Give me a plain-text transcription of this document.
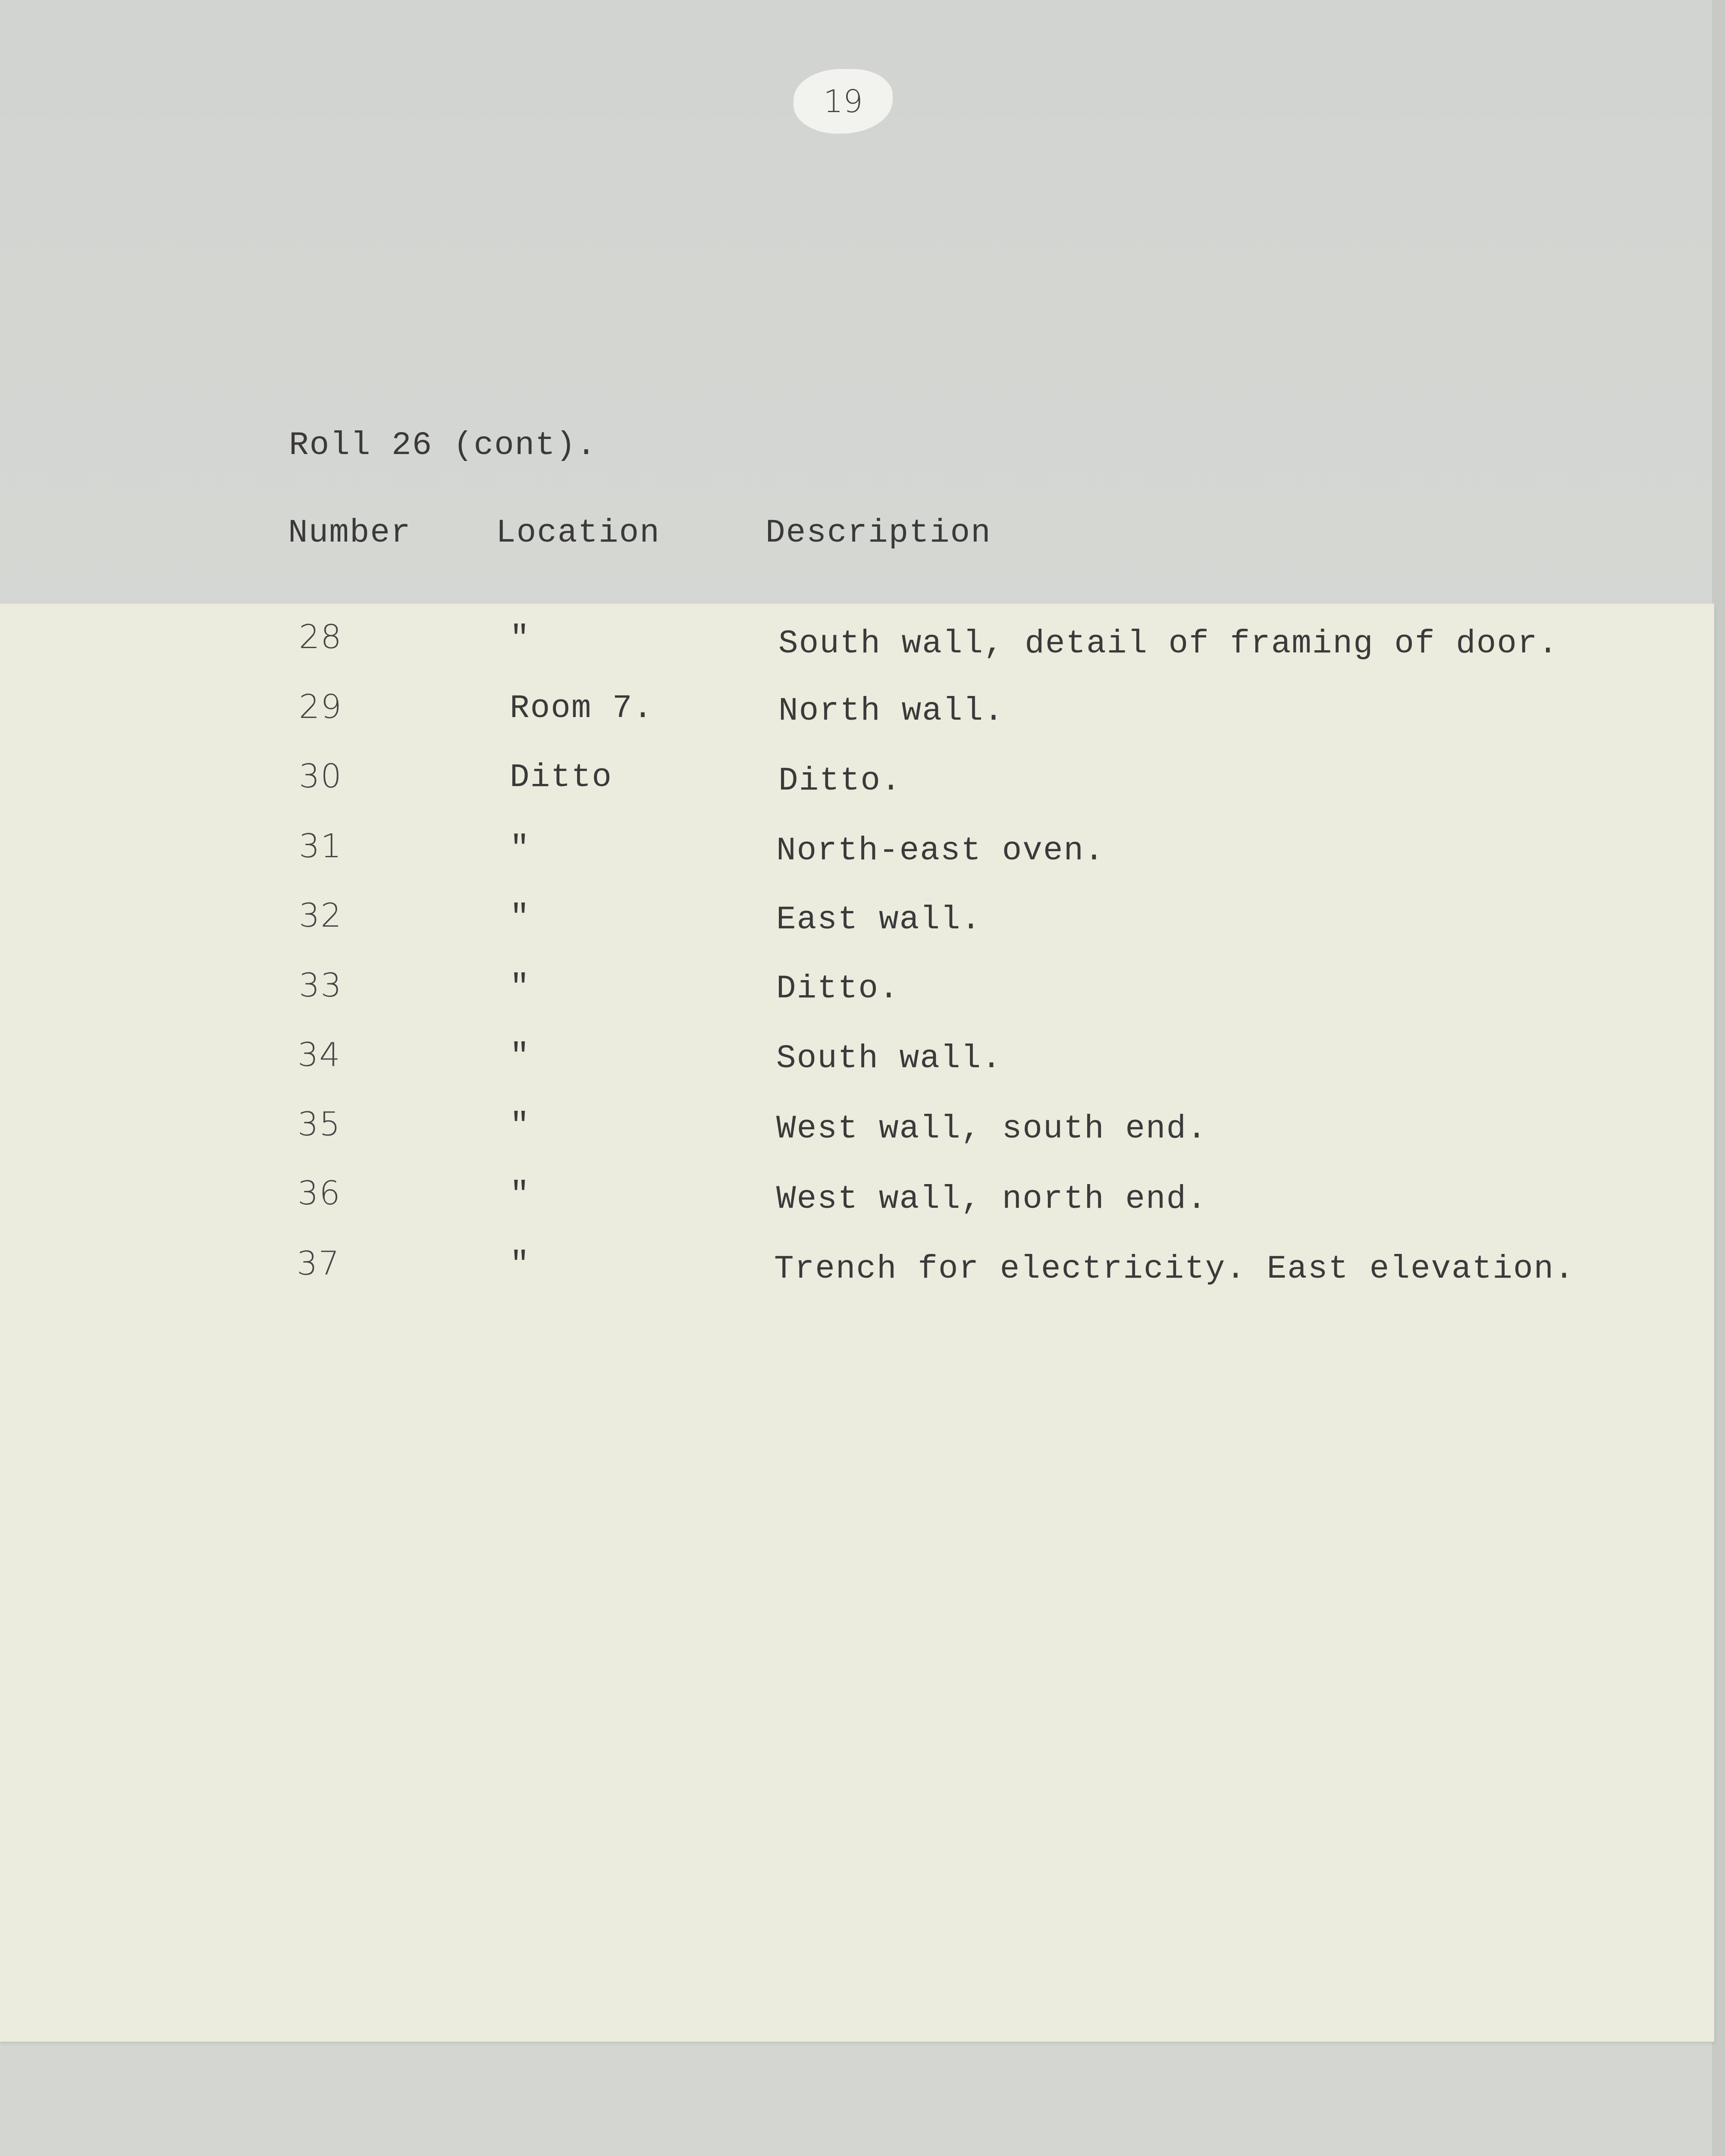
19
Roll 26 (cont).
Number	Location	Description
28	"	South wall, detail of framing of door.
29	Room 7.	North wall.
30	Ditto	Ditto.
31	"	North-east oven.
32	"	East wall.
33	"	Ditto.
34	"	South wall.
35	"	West wall, south end.
36	"	West wall, north end.
37	"	Trench for electricity. East elevation.
